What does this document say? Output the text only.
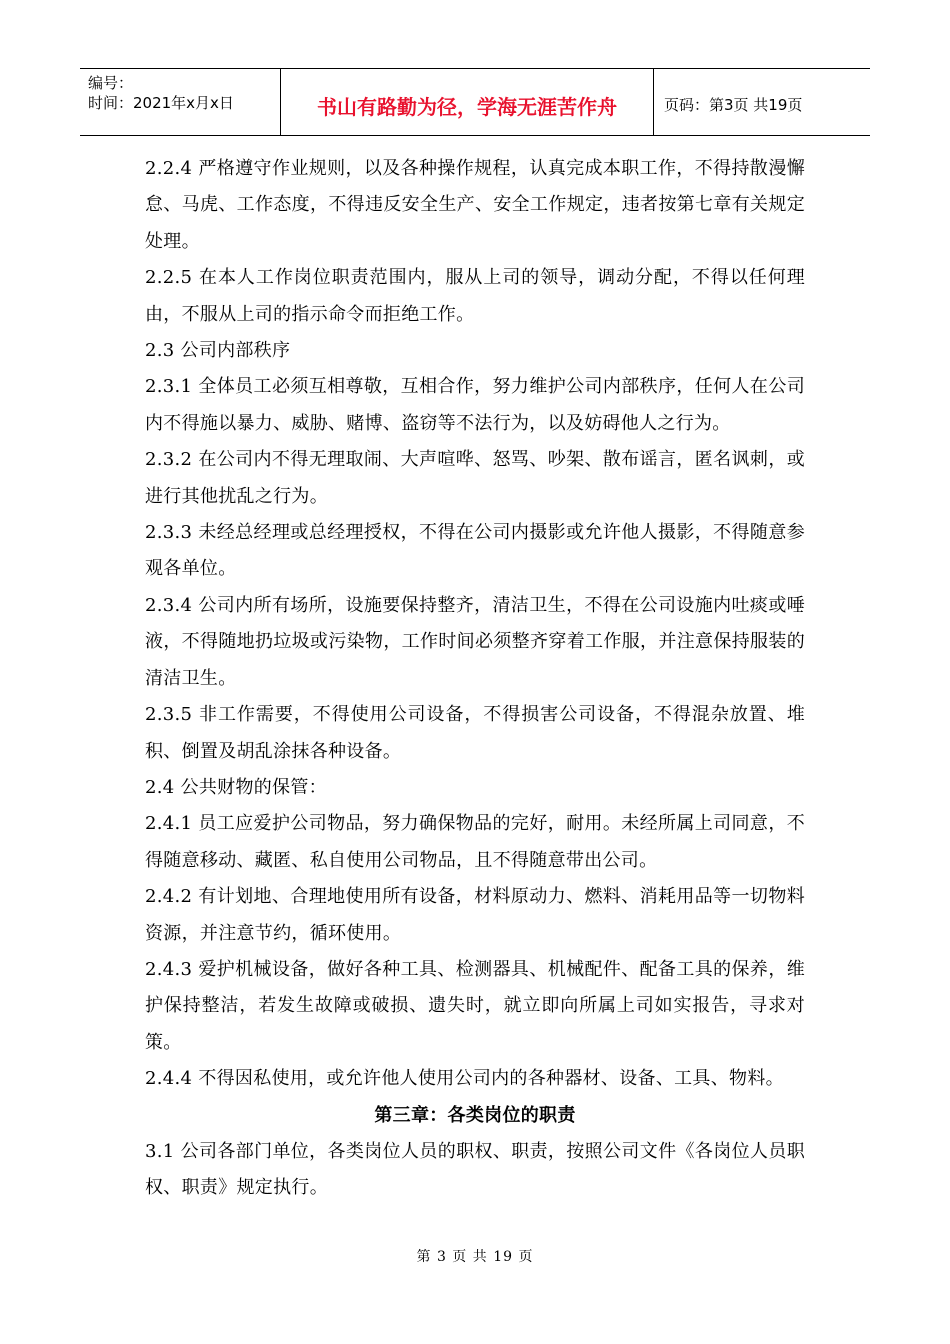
编号：
时间：2021年x月x日	书山有路勤为径，学海无涯苦作舟	页码：第3页 共19页

2.2.4 严格遵守作业规则，以及各种操作规程，认真完成本职工作，不得持散漫懈怠、马虎、工作态度，不得违反安全生产、安全工作规定，违者按第七章有关规定处理。

2.2.5 在本人工作岗位职责范围内，服从上司的领导，调动分配，不得以任何理由，不服从上司的指示命令而拒绝工作。

2.3 公司内部秩序

2.3.1 全体员工必须互相尊敬，互相合作，努力维护公司内部秩序，任何人在公司内不得施以暴力、威胁、赌博、盗窃等不法行为，以及妨碍他人之行为。

2.3.2 在公司内不得无理取闹、大声喧哗、怒骂、吵架、散布谣言，匿名讽刺，或进行其他扰乱之行为。

2.3.3 未经总经理或总经理授权，不得在公司内摄影或允许他人摄影，不得随意参观各单位。

2.3.4 公司内所有场所，设施要保持整齐，清洁卫生，不得在公司设施内吐痰或唾液，不得随地扔垃圾或污染物，工作时间必须整齐穿着工作服，并注意保持服装的清洁卫生。

2.3.5 非工作需要，不得使用公司设备，不得损害公司设备，不得混杂放置、堆积、倒置及胡乱涂抹各种设备。

2.4 公共财物的保管：

2.4.1 员工应爱护公司物品，努力确保物品的完好，耐用。未经所属上司同意，不得随意移动、藏匿、私自使用公司物品，且不得随意带出公司。

2.4.2 有计划地、合理地使用所有设备，材料原动力、燃料、消耗用品等一切物料资源，并注意节约，循环使用。

2.4.3 爱护机械设备，做好各种工具、检测器具、机械配件、配备工具的保养，维护保持整洁，若发生故障或破损、遗失时，就立即向所属上司如实报告，寻求对策。

2.4.4 不得因私使用，或允许他人使用公司内的各种器材、设备、工具、物料。

第三章：各类岗位的职责

3.1 公司各部门单位，各类岗位人员的职权、职责，按照公司文件《各岗位人员职权、职责》规定执行。

第 3 页 共 19 页
